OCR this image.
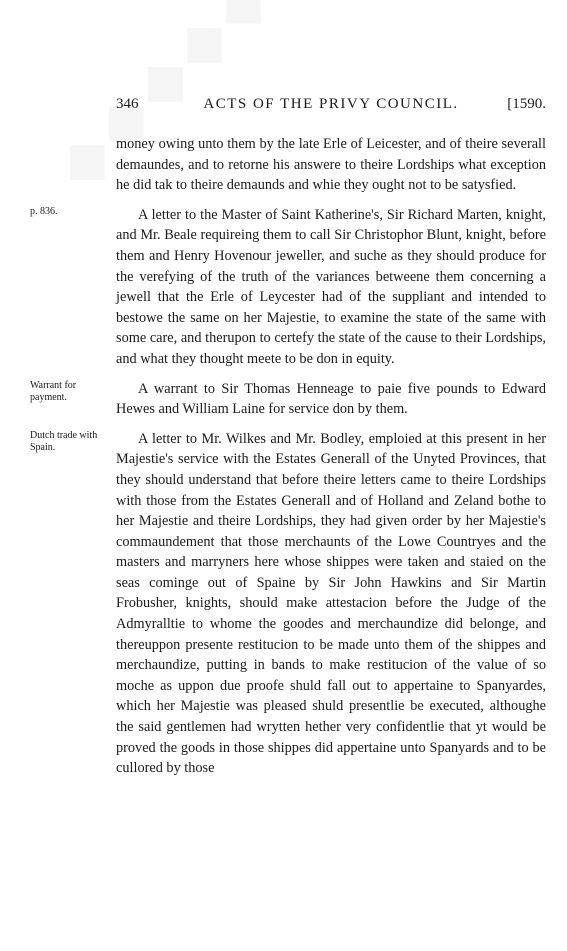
346	ACTS OF THE PRIVY COUNCIL.	[1590.

money owing unto them by the late Erle of Leicester, and of theire severall demaundes, and to retorne his answere to theire Lordships what exception he did tak to theire demaunds and whie they ought not to be satysfied.

p. 836.	A letter to the Master of Saint Katherine's, Sir Richard Marten, knight, and Mr. Beale requireing them to call Sir Christophor Blunt, knight, before them and Henry Hovenour jeweller, and suche as they should produce for the verefying of the truth of the variances betweene them concerning a jewell that the Erle of Leycester had of the suppliant and intended to bestowe the same on her Majestie, to examine the state of the same with some care, and therupon to certefy the state of the cause to their Lordships, and what they thought meete to be don in equity.

Warrant for payment.

A warrant to Sir Thomas Henneage to paie five pounds to Edward Hewes and William Laine for service don by them.

Dutch trade with Spain.

A letter to Mr. Wilkes and Mr. Bodley, emploied at this present in her Majestie's service with the Estates Generall of the Unyted Provinces, that they should understand that before theire letters came to theire Lordships with those from the Estates Generall and of Holland and Zeland bothe to her Majestie and theire Lordships, they had given order by her Majestie's commaundement that those merchaunts of the Lowe Countryes and the masters and marryners here whose shippes were taken and staied on the seas cominge out of Spaine by Sir John Hawkins and Sir Martin Frobusher, knights, should make attestacion before the Judge of the Admyralltie to whome the goodes and merchaundize did belonge, and thereuppon presente restitucion to be made unto them of the shippes and merchaundize, putting in bands to make restitucion of the value of so moche as uppon due proofe shuld fall out to appertaine to Spanyardes, which her Majestie was pleased shuld presentlie be executed, althoughe the said gentlemen had wrytten hether very confidentlie that yt would be proved the goods in those shippes did appertaine unto Spanyards and to be cullored by those
